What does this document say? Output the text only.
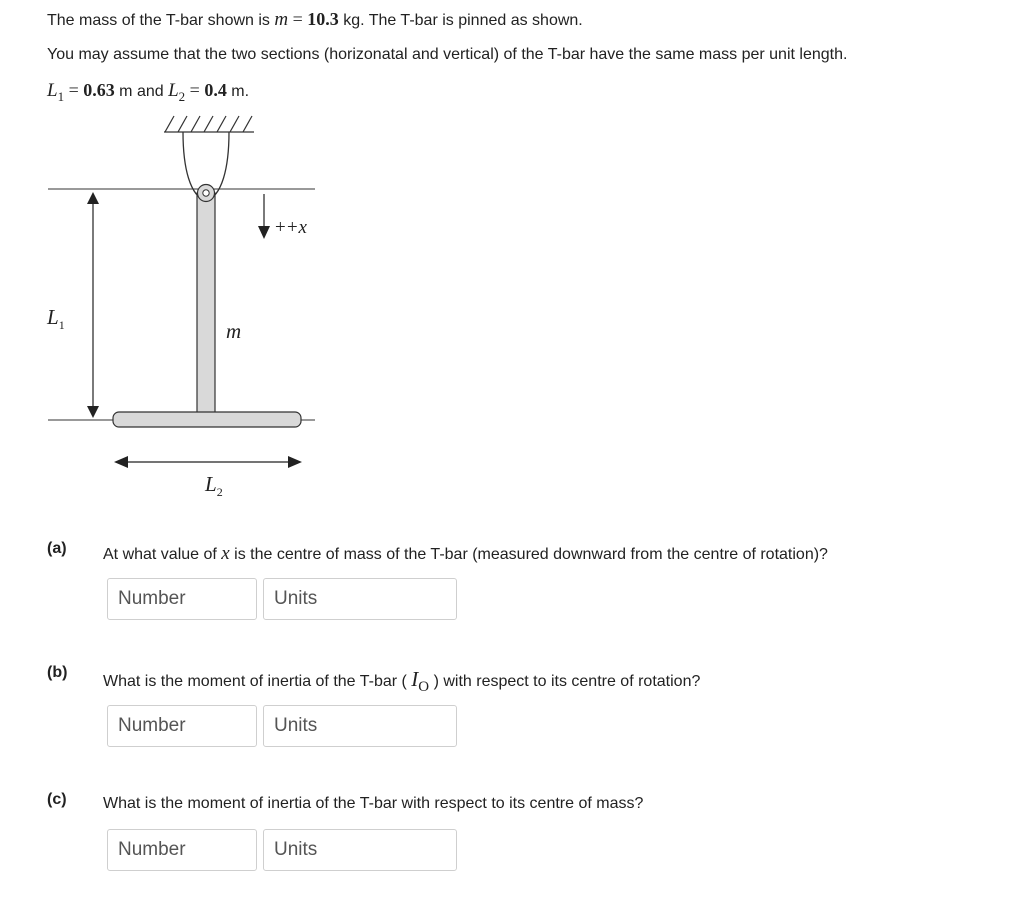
The mass of the T-bar shown is m = 10.3 kg. The T-bar is pinned as shown.
You may assume that the two sections (horizonatal and vertical) of the T-bar have the same mass per unit length.
$L_1 = 0.63$ m and $L_2 = 0.4$ m.
++x
$L_1$	m
$L_2$
(a) At what value of x is the centre of mass of the T-bar (measured downward from the centre of rotation)?
Number
Units
(b)
What is the moment of inertia of the T-bar ( $I_O$ ) with respect to its centre of rotation?
Number
Units
(c) What is the moment of inertia of the T-bar with respect to its centre of mass?
Number
Units
